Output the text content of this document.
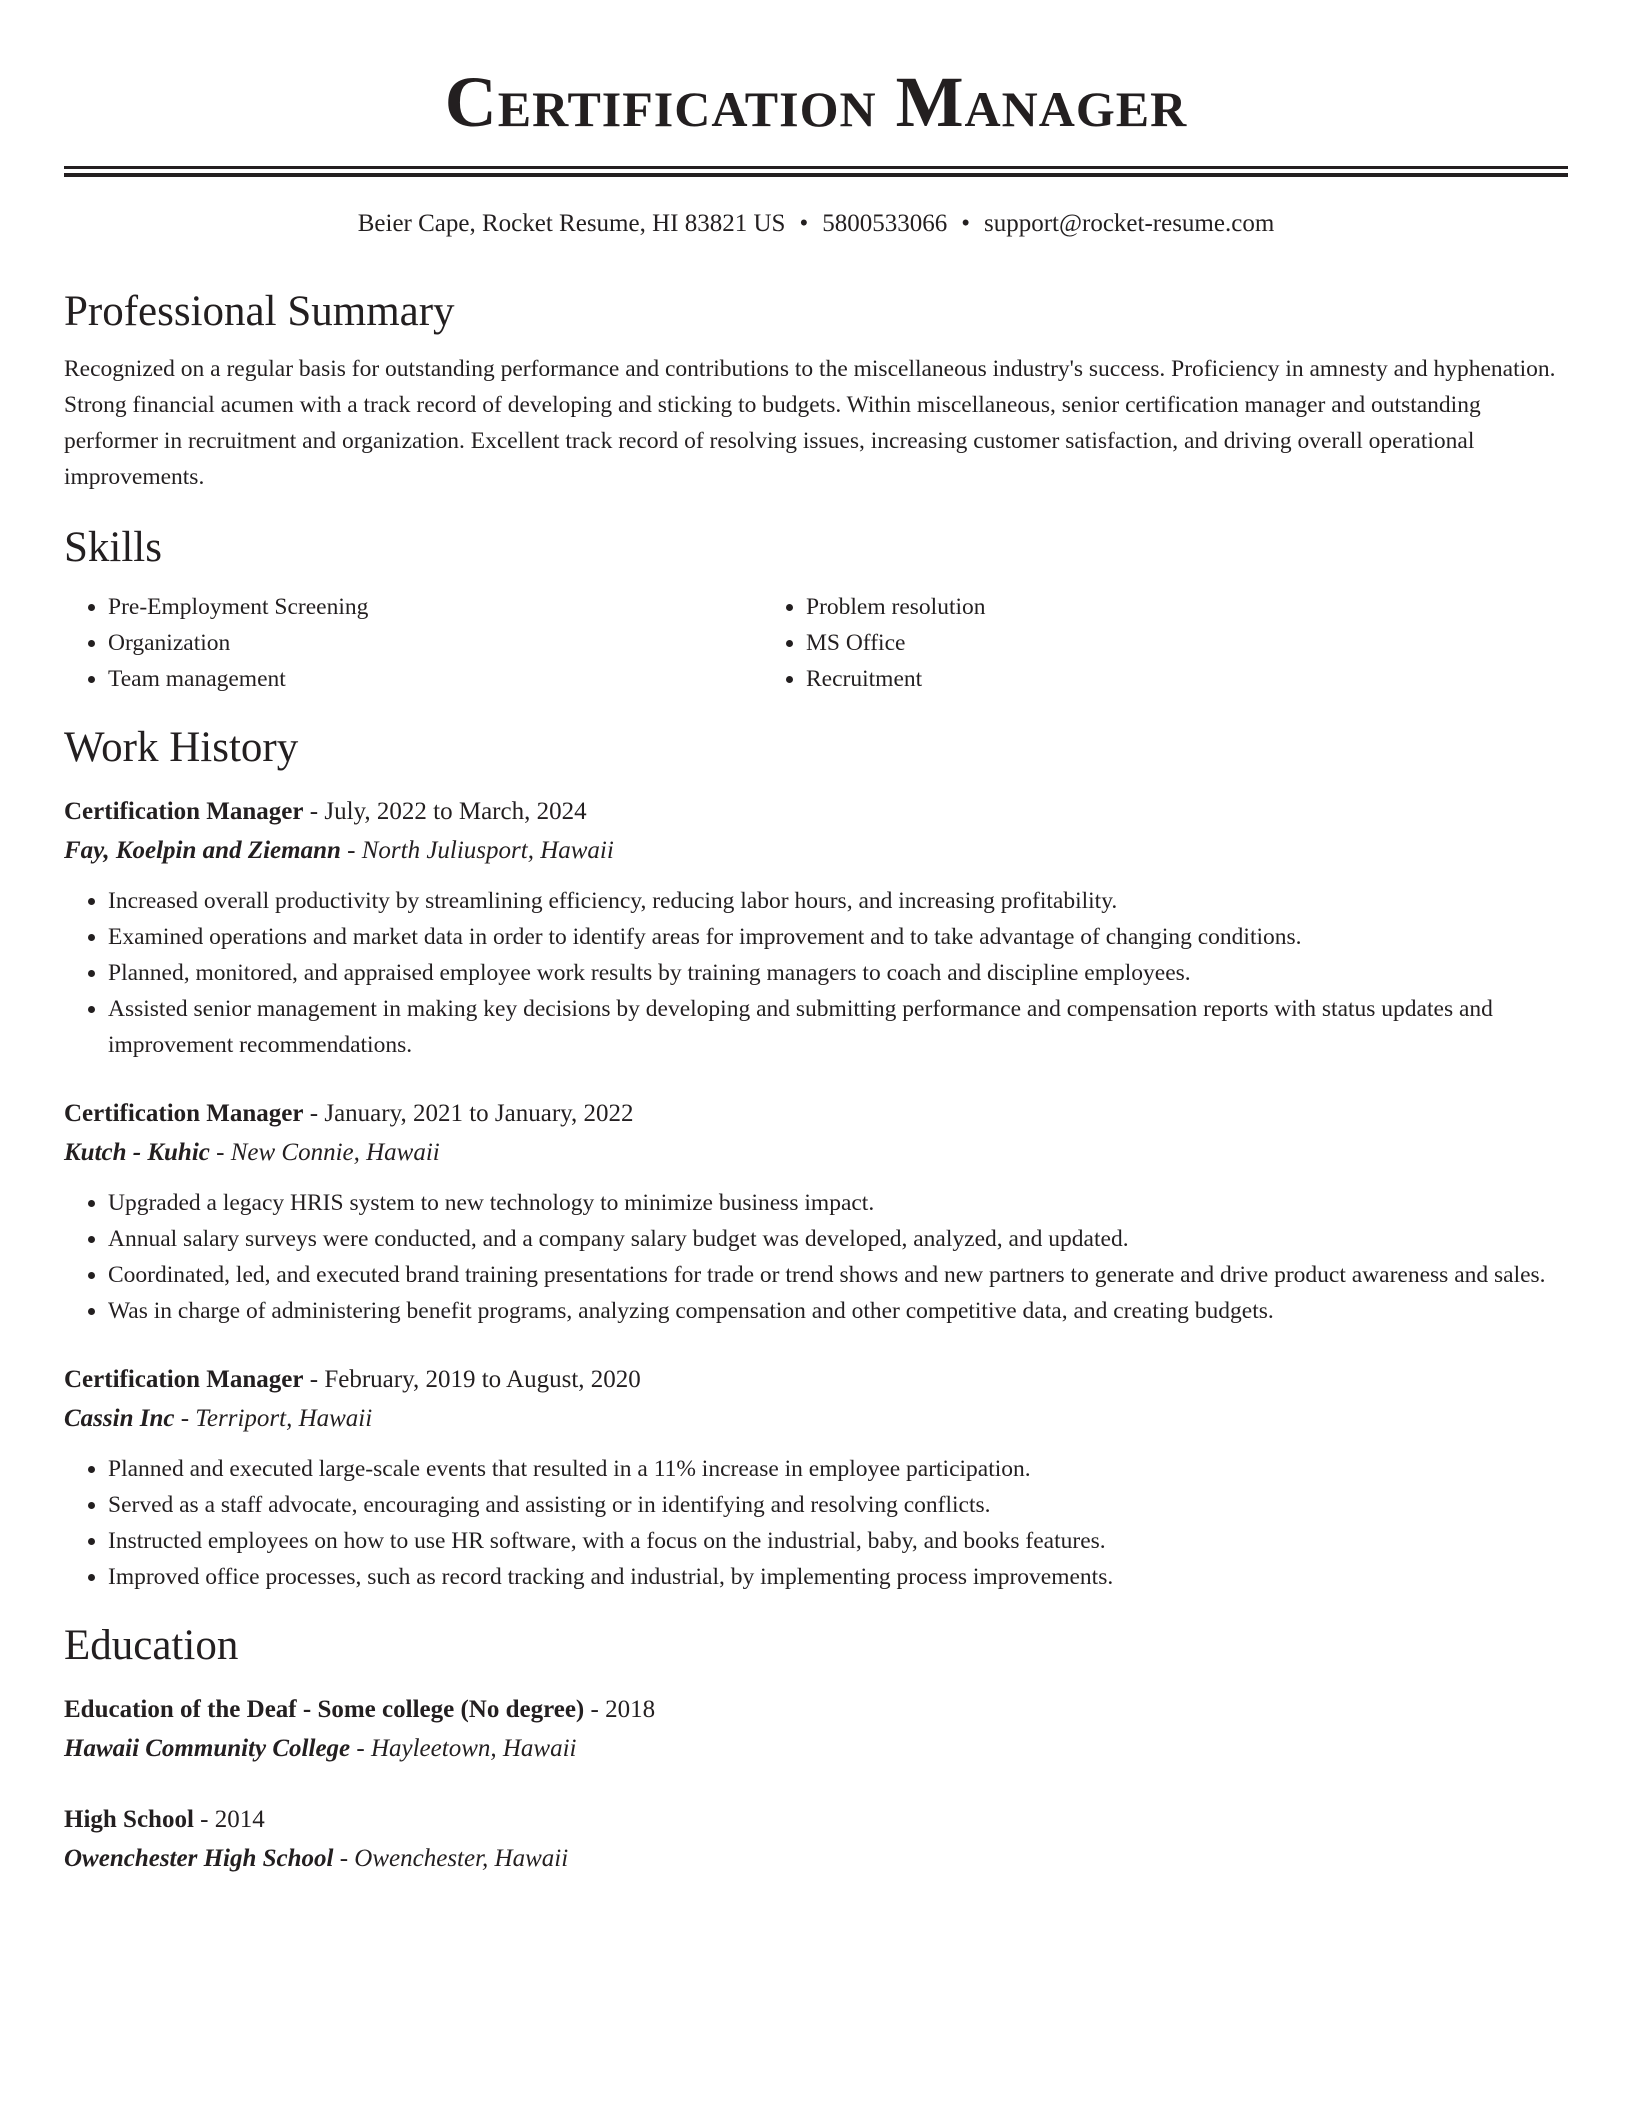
Certification Manager
Beier Cape, Rocket Resume, HI 83821 US • 5800533066 • support@rocket-resume.com
Professional Summary

Recognized on a regular basis for outstanding performance and contributions to the miscellaneous industry's success. Proficiency in amnesty and hyphenation. Strong financial acumen with a track record of developing and sticking to budgets. Within miscellaneous, senior certification manager and outstanding performer in recruitment and organization. Excellent track record of resolving issues, increasing customer satisfaction, and driving overall operational improvements.

Skills
• Pre-Employment Screening
• Organization
• Team management
• Problem resolution
• MS Office
• Recruitment
Work History
Certification Manager - July, 2022 to March, 2024
Fay, Koelpin and Ziemann - North Juliusport, Hawaii
• Increased overall productivity by streamlining efficiency, reducing labor hours, and increasing profitability.
• Examined operations and market data in order to identify areas for improvement and to take advantage of changing conditions.
• Planned, monitored, and appraised employee work results by training managers to coach and discipline employees.
• Assisted senior management in making key decisions by developing and submitting performance and compensation reports with status updates and improvement recommendations.
Certification Manager - January, 2021 to January, 2022
Kutch - Kuhic - New Connie, Hawaii
• Upgraded a legacy HRIS system to new technology to minimize business impact.
• Annual salary surveys were conducted, and a company salary budget was developed, analyzed, and updated.
• Coordinated, led, and executed brand training presentations for trade or trend shows and new partners to generate and drive product awareness and sales.
• Was in charge of administering benefit programs, analyzing compensation and other competitive data, and creating budgets.
Certification Manager - February, 2019 to August, 2020
Cassin Inc - Terriport, Hawaii
• Planned and executed large-scale events that resulted in a 11% increase in employee participation.
• Served as a staff advocate, encouraging and assisting or in identifying and resolving conflicts.
• Instructed employees on how to use HR software, with a focus on the industrial, baby, and books features.
• Improved office processes, such as record tracking and industrial, by implementing process improvements.
Education
Education of the Deaf - Some college (No degree) - 2018
Hawaii Community College - Hayleetown, Hawaii
High School - 2014
Owenchester High School - Owenchester, Hawaii
